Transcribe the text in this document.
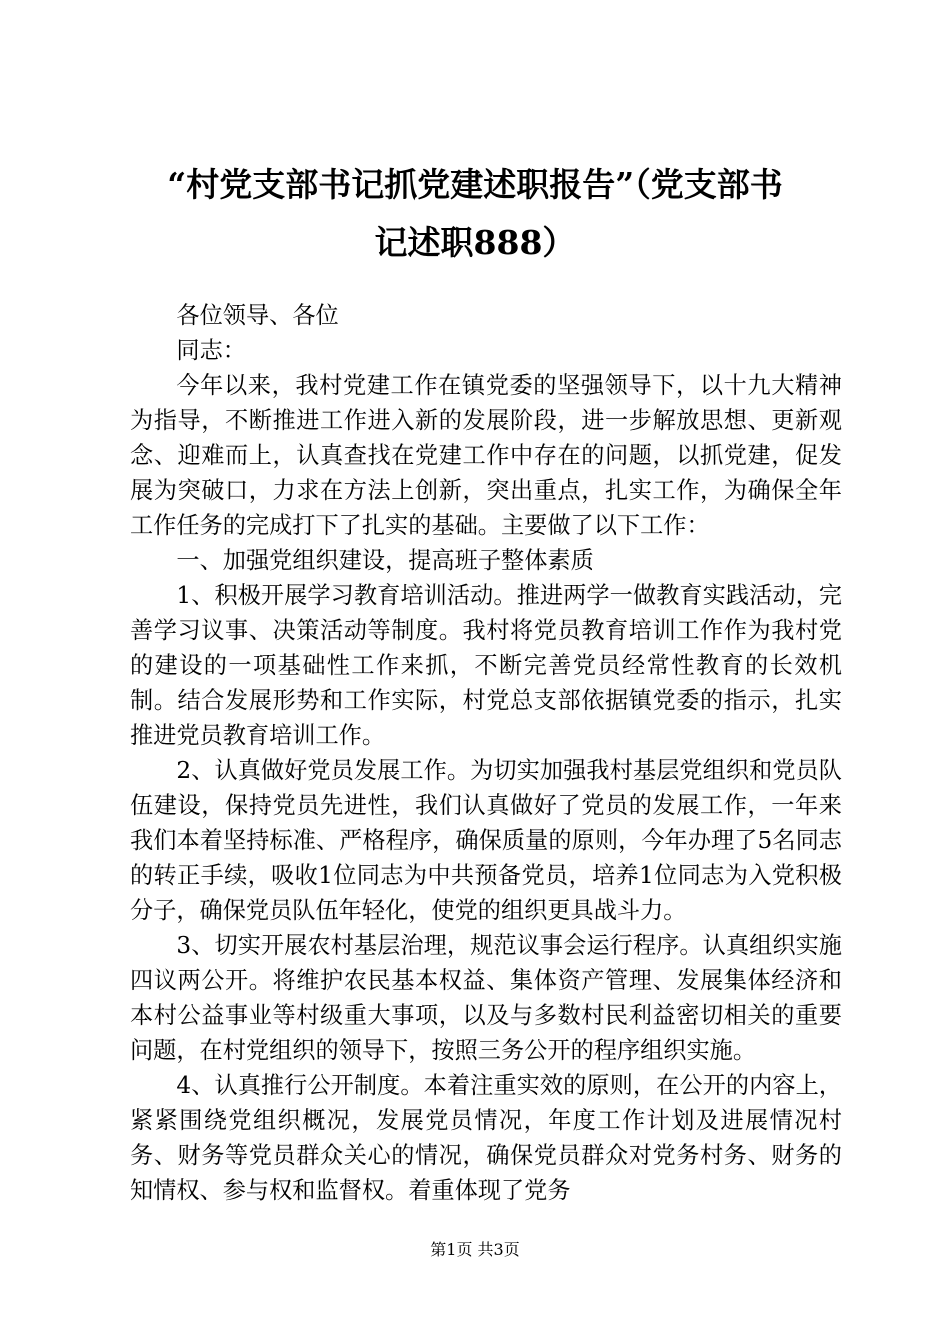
“村党支部书记抓党建述职报告”（党支部书
记述职888）

各位领导、各位

同志：

今年以来，我村党建工作在镇党委的坚强领导下，以十九大精神为指导，不断推进工作进入新的发展阶段，进一步解放思想、更新观念、迎难而上，认真查找在党建工作中存在的问题，以抓党建，促发展为突破口，力求在方法上创新，突出重点，扎实工作，为确保全年工作任务的完成打下了扎实的基础。主要做了以下工作：

一、加强党组织建设，提高班子整体素质

1、积极开展学习教育培训活动。推进两学一做教育实践活动，完善学习议事、决策活动等制度。我村将党员教育培训工作作为我村党的建设的一项基础性工作来抓，不断完善党员经常性教育的长效机制。结合发展形势和工作实际，村党总支部依据镇党委的指示，扎实推进党员教育培训工作。

2、认真做好党员发展工作。为切实加强我村基层党组织和党员队伍建设，保持党员先进性，我们认真做好了党员的发展工作，一年来我们本着坚持标准、严格程序，确保质量的原则，今年办理了5名同志的转正手续，吸收1位同志为中共预备党员，培养1位同志为入党积极分子，确保党员队伍年轻化，使党的组织更具战斗力。

3、切实开展农村基层治理，规范议事会运行程序。认真组织实施四议两公开。将维护农民基本权益、集体资产管理、发展集体经济和本村公益事业等村级重大事项，以及与多数村民利益密切相关的重要问题，在村党组织的领导下，按照三务公开的程序组织实施。

4、认真推行公开制度。本着注重实效的原则，在公开的内容上，紧紧围绕党组织概况，发展党员情况，年度工作计划及进展情况村务、财务等党员群众关心的情况，确保党员群众对党务村务、财务的知情权、参与权和监督权。着重体现了党务

第1页 共3页
